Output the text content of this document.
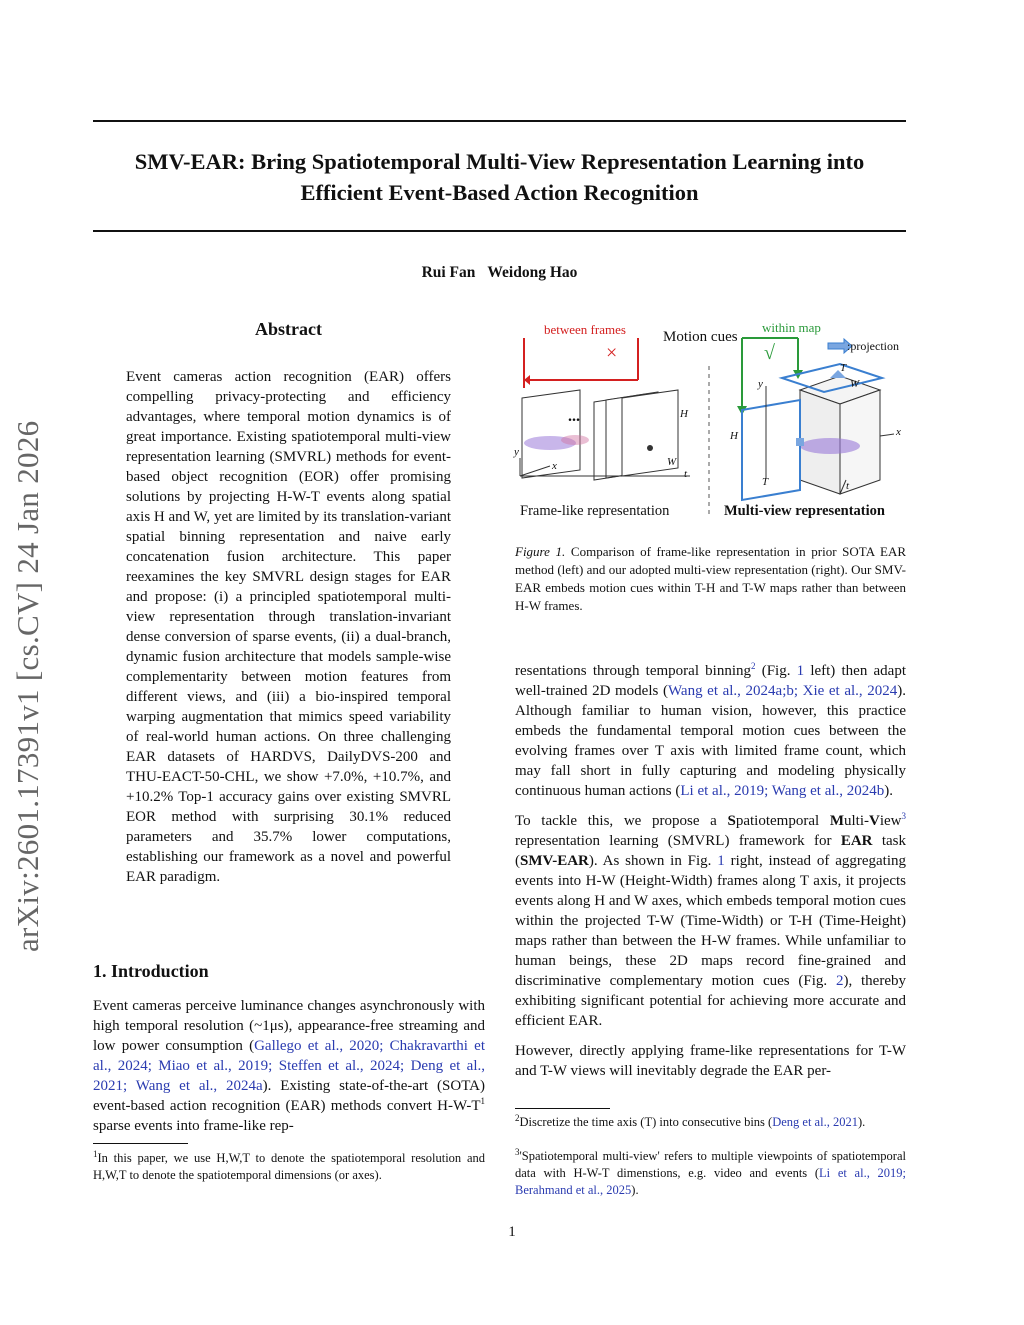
SMV-EAR: Bring Spatiotemporal Multi-View Representation Learning into
Efficient Event-Based Action Recognition
Rui Fan Weidong Hao
arXiv:2601.17391v1 [cs.CV] 24 Jan 2026
Abstract
Event cameras action recognition (EAR) offers compelling privacy-protecting and efficiency advantages, where temporal motion dynamics is of great importance. Existing spatiotemporal multi-view representation learning (SMVRL) methods for event-based object recognition (EOR) offer promising solutions by projecting H-W-T events along spatial axis H and W, yet are limited by its translation-variant spatial binning representation and naive early concatenation fusion architecture. This paper reexamines the key SMVRL design stages for EAR and propose: (i) a principled spatiotemporal multi-view representation through translation-invariant dense conversion of sparse events, (ii) a dual-branch, dynamic fusion architecture that models sample-wise complementarity between motion features from different views, and (iii) a bio-inspired temporal warping augmentation that mimics speed variability of real-world human actions. On three challenging EAR datasets of HARDVS, DailyDVS-200 and THU-EACT-50-CHL, we show +7.0%, +10.7%, and +10.2% Top-1 accuracy gains over existing SMVRL EOR method with surprising 30.1% reduced parameters and 35.7% lower computations, establishing our framework as a novel and powerful EAR paradigm.
1. Introduction
Event cameras perceive luminance changes asynchronously with high temporal resolution (~1μs), appearance-free streaming and low power consumption (Gallego et al., 2020; Chakravarthi et al., 2024; Miao et al., 2019; Steffen et al., 2024; Deng et al., 2021; Wang et al., 2024a). Existing state-of-the-art (SOTA) event-based action recognition (EAR) methods convert $H-W-T^1$ sparse events into frame-like rep-
$^1$In this paper, we use H,W,T to denote the spatiotemporal resolution and H,W,T to denote the spatiotemporal dimensions (or axes).
between frames
×
Motion cues
within map
√	:projection
...
y
x
t
H
W
y
x
t
H
W
T
T
Frame-like representation	Multi-view representation
Figure 1. Comparison of frame-like representation in prior SOTA EAR method (left) and our adopted multi-view representation (right). Our SMV-EAR embeds motion cues within T-H and T-W maps rather than between H-W frames.

resentations through temporal binning$^2$ (Fig. 1 left) then adapt well-trained 2D models (Wang et al., 2024a;b; Xie et al., 2024). Although familiar to human vision, however, this practice embeds the fundamental temporal motion cues between the evolving frames over T axis with limited frame count, which may fall short in fully capturing and modeling physically continuous human actions (Li et al., 2019; Wang et al., 2024b).

To tackle this, we propose a Spatiotemporal Multi-View$^3$ representation learning (SMVRL) framework for EAR task (SMV-EAR). As shown in Fig. 1 right, instead of aggregating events into H-W (Height-Width) frames along T axis, it projects events along H and W axes, which embeds temporal motion cues within the projected T-W (Time-Width) or T-H (Time-Height) maps rather than between the H-W frames. While unfamiliar to human beings, these 2D maps record fine-grained and discriminative complementary motion cues (Fig. 2), thereby exhibiting significant potential for achieving more accurate and efficient EAR.

However, directly applying frame-like representations for T-W and T-W views will inevitably degrade the EAR per-

$^2$Discretize the time axis (T) into consecutive bins (Deng et al., 2021).
$^3$'Spatiotemporal multi-view' refers to multiple viewpoints of spatiotemporal data with H-W-T dimenstions, e.g. video and events (Li et al., 2019; Berahmand et al., 2025).
1
